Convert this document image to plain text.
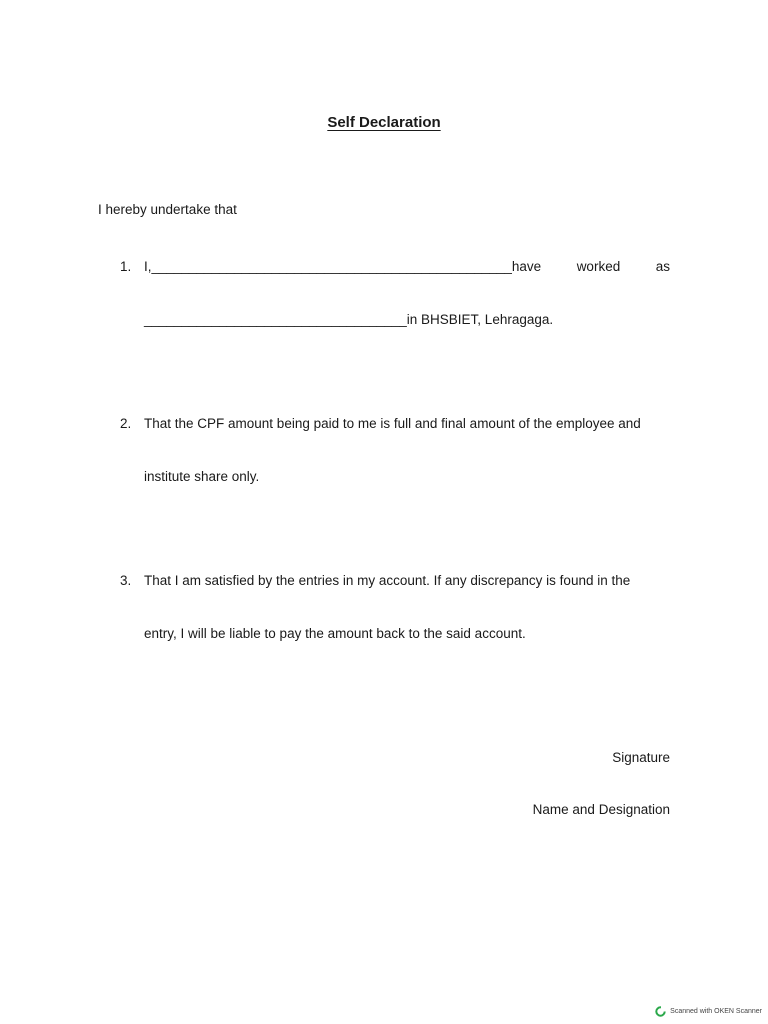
Self Declaration
I hereby undertake that
1. I,________________________________________________have	worked	as
___________________________________in BHSBIET, Lehragaga.
2. That the CPF amount being paid to me is full and final amount of the employee and
institute share only.
3. That I am satisfied by the entries in my account. If any discrepancy is found in the
entry, I will be liable to pay the amount back to the said account.
Signature
Name and Designation
Scanned with OKEN Scanner
